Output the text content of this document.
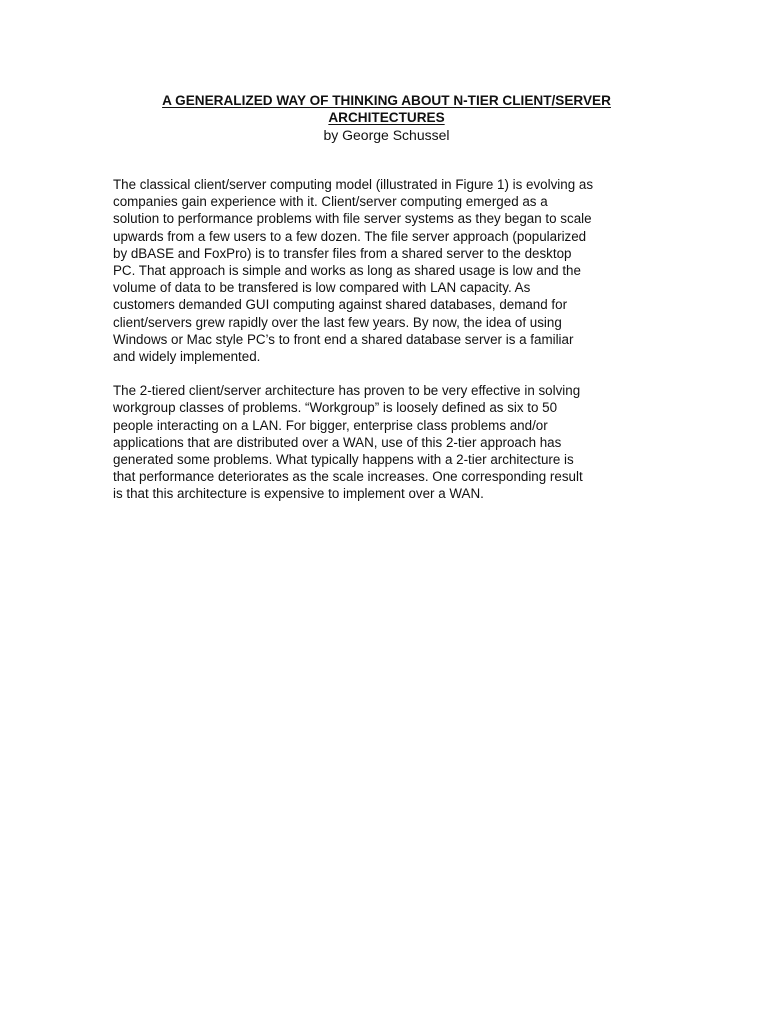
A GENERALIZED WAY OF THINKING ABOUT N-TIER CLIENT/SERVER
ARCHITECTURES

by George Schussel

The classical client/server computing model (illustrated in Figure 1) is evolving as
companies gain experience with it. Client/server computing emerged as a
solution to performance problems with file server systems as they began to scale
upwards from a few users to a few dozen. The file server approach (popularized
by dBASE and FoxPro) is to transfer files from a shared server to the desktop
PC. That approach is simple and works as long as shared usage is low and the
volume of data to be transfered is low compared with LAN capacity. As
customers demanded GUI computing against shared databases, demand for
client/servers grew rapidly over the last few years. By now, the idea of using
Windows or Mac style PC’s to front end a shared database server is a familiar
and widely implemented.

The 2-tiered client/server architecture has proven to be very effective in solving
workgroup classes of problems. “Workgroup” is loosely defined as six to 50
people interacting on a LAN. For bigger, enterprise class problems and/or
applications that are distributed over a WAN, use of this 2-tier approach has
generated some problems. What typically happens with a 2-tier architecture is
that performance deteriorates as the scale increases. One corresponding result
is that this architecture is expensive to implement over a WAN.
